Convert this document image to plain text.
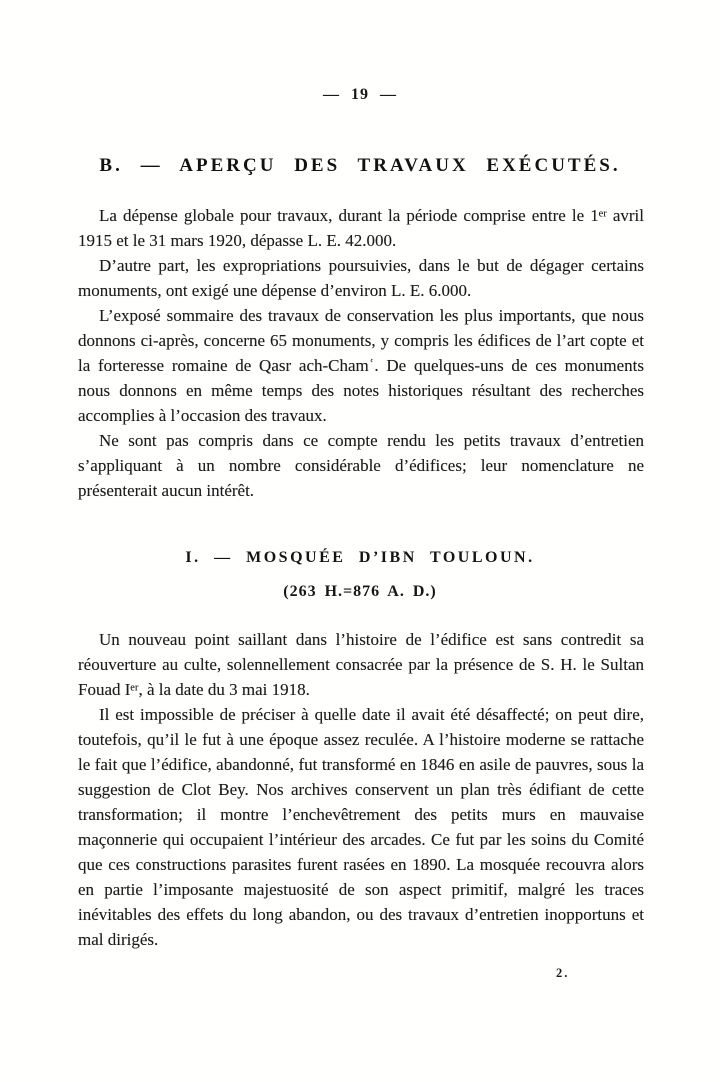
— 19 —
B. — APERÇU DES TRAVAUX EXÉCUTÉS.

La dépense globale pour travaux, durant la période comprise entre le 1ᵉʳ avril 1915 et le 31 mars 1920, dépasse L. E. 42.000.

D’autre part, les expropriations poursuivies, dans le but de dégager certains monuments, ont exigé une dépense d’environ L. E. 6.000.

L’exposé sommaire des travaux de conservation les plus importants, que nous donnons ci-après, concerne 65 monuments, y compris les édifices de l’art copte et la forteresse romaine de Qasr ach-Chamʿ. De quelques-uns de ces monuments nous donnons en même temps des notes historiques résultant des recherches accomplies à l’occasion des travaux.

Ne sont pas compris dans ce compte rendu les petits travaux d’entretien s’appliquant à un nombre considérable d’édifices; leur nomenclature ne présenterait aucun intérêt.

I. — MOSQUÉE D’IBN TOULOUN.
(263 H.=876 A. D.)

Un nouveau point saillant dans l’histoire de l’édifice est sans contredit sa réouverture au culte, solennellement consacrée par la présence de S. H. le Sultan Fouad Iᵉʳ, à la date du 3 mai 1918.

Il est impossible de préciser à quelle date il avait été désaffecté; on peut dire, toutefois, qu’il le fut à une époque assez reculée. A l’histoire moderne se rattache le fait que l’édifice, abandonné, fut transformé en 1846 en asile de pauvres, sous la suggestion de Clot Bey. Nos archives conservent un plan très édifiant de cette transformation; il montre l’enchevêtrement des petits murs en mauvaise maçonnerie qui occupaient l’intérieur des arcades. Ce fut par les soins du Comité que ces constructions parasites furent rasées en 1890. La mosquée recouvra alors en partie l’imposante majestuosité de son aspect primitif, malgré les traces inévitables des effets du long abandon, ou des travaux d’entretien inopportuns et mal dirigés.

2.
